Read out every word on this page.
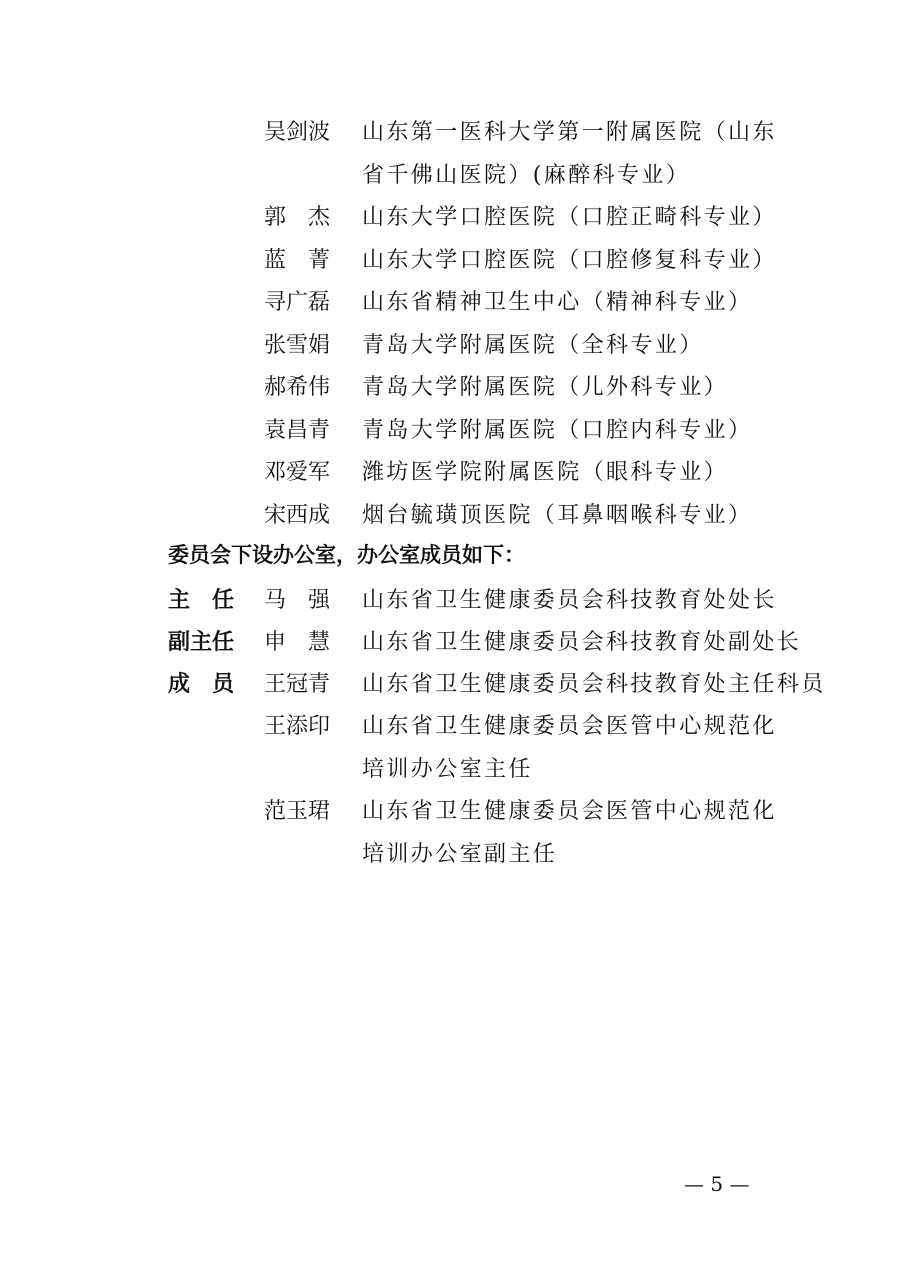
吴剑波	山东第一医科大学第一附属医院（山东
省千佛山医院）(麻醉科专业）
郭　杰	山东大学口腔医院（口腔正畸科专业）
蓝　菁	山东大学口腔医院（口腔修复科专业）
寻广磊	山东省精神卫生中心（精神科专业）
张雪娟	青岛大学附属医院（全科专业）
郝希伟	青岛大学附属医院（儿外科专业）
袁昌青	青岛大学附属医院（口腔内科专业）
邓爱军	潍坊医学院附属医院（眼科专业）
宋西成	烟台毓璜顶医院（耳鼻咽喉科专业）
委员会下设办公室，办公室成员如下：
主　任	马　强	山东省卫生健康委员会科技教育处处长
副主任	申　慧	山东省卫生健康委员会科技教育处副处长
成　员	王冠青	山东省卫生健康委员会科技教育处主任科员
王添印	山东省卫生健康委员会医管中心规范化
培训办公室主任
范玉珺	山东省卫生健康委员会医管中心规范化
培训办公室副主任
— 5 —
